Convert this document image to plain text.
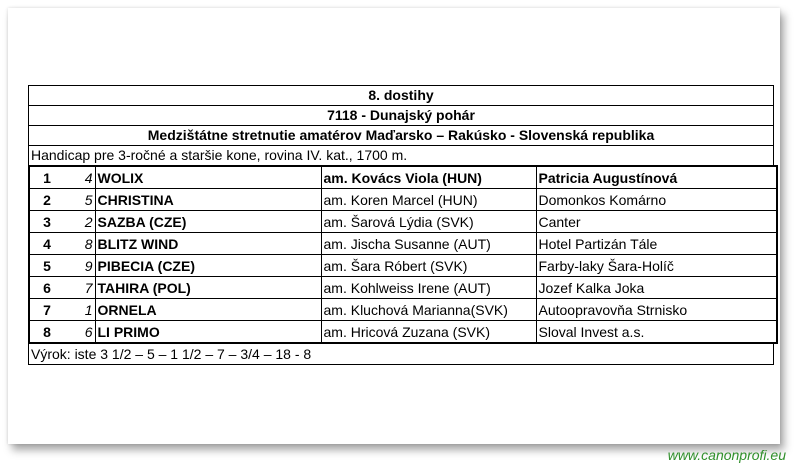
8. dostihy
7118 - Dunajský pohár
Medzištátne stretnutie amatérov Maďarsko – Rakúsko - Slovenská republika
Handicap pre 3-ročné a staršie kone, rovina IV. kat., 1700 m.
1	4	WOLIX	am. Kovács Viola (HUN)	Patricia Augustínová
2	5	CHRISTINA	am. Koren Marcel (HUN)	Domonkos Komárno
3	2	SAZBA (CZE)	am. Šarová Lýdia (SVK)	Canter
4	8	BLITZ WIND	am. Jischa Susanne (AUT)	Hotel Partizán Tále
5	9	PIBECIA (CZE)	am. Šara Róbert (SVK)	Farby-laky Šara-Holíč
6	7	TAHIRA (POL)	am. Kohlweiss Irene (AUT)	Jozef Kalka Joka
7	1	ORNELA	am. Kluchová Marianna(SVK)	Autoopravovňa Strnisko
8	6	LI PRIMO	am. Hricová Zuzana (SVK)	Sloval Invest a.s.
Výrok: iste 3 1/2 – 5 – 1 1/2 – 7 – 3/4 – 18 - 8
www.canonprofi.eu
